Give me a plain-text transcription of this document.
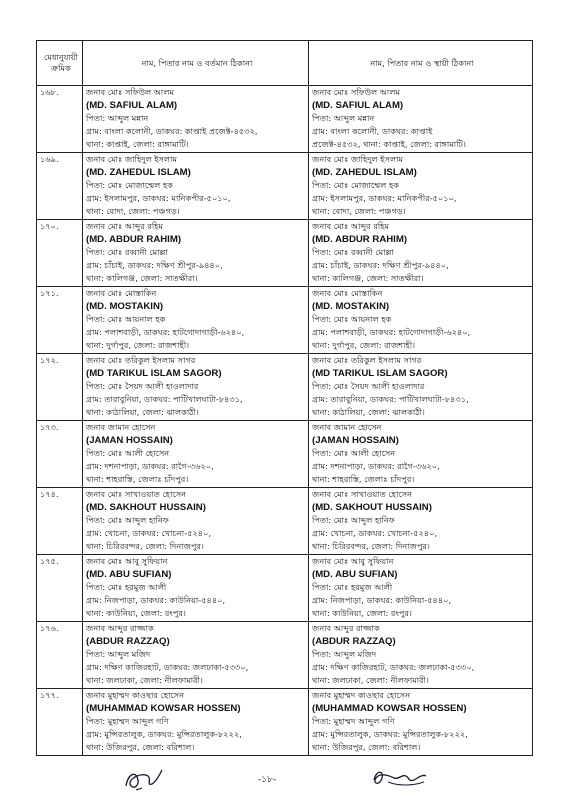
মেধানুযায়ী ক্রমিক	নাম, পিতার নাম ও বর্তমান ঠিকানা	নাম, পিতার নাম ও স্থায়ী ঠিকানা
১৬৮.	জনাব মোঃ সফিউল আলম
(MD. SAFIUL ALAM)
পিতা: আব্দুল মন্নান
গ্রাম: বাংলা কলোনী, ডাকঘর: কাপ্তাই প্রজেক্ট-৪৫৩২,
থানা: কাপ্তাই, জেলা: রাঙ্গামাটি।	জনাব মোঃ সফিউল আলম
(MD. SAFIUL ALAM)
পিতা: আব্দুল মন্নান
গ্রাম: বাংলা কলোনী, ডাকঘর: কাপ্তাই
প্রজেক্ট-৪৫৩২, থানা: কাপ্তাই, জেলা: রাঙ্গামাটি।

১৬৯.	জনাব মোঃ জাহিদুল ইসলাম
(MD. ZAHEDUL ISLAM)
পিতা: মোঃ মোজাম্মেল হক
গ্রাম: ইসলামপুর, ডাকঘর: মানিকপীর-৫০১০,
থানা: বোদা, জেলা: পঞ্চগড়।	জনাব মোঃ জাহিদুল ইসলাম
(MD. ZAHEDUL ISLAM)
পিতা: মোঃ মোজাম্মেল হক
গ্রাম: ইসলামপুর, ডাকঘর: মানিকপীর-৫০১০,
থানা: বোদা, জেলা: পঞ্চগড়।

১৭০.	জনাব মোঃ আব্দুর রহিম
(MD. ABDUR RAHIM)
পিতা: মোঃ রব্বানী মোল্লা
গ্রাম: চাঁচাই, ডাকঘর: দক্ষিণ শ্রীপুর-৯৪৪০,
থানা: কালিগঞ্জ, জেলা: সাতক্ষীরা।	জনাব মোঃ আব্দুর রহিম
(MD. ABDUR RAHIM)
পিতা: মোঃ রব্বানী মোল্লা
গ্রাম: চাঁচাই, ডাকঘর: দক্ষিণ শ্রীপুর-৯৪৪০,
থানা: কালিগঞ্জ, জেলা: সাতক্ষীরা।

১৭১.	জনাব মোঃ মোস্তাকিন
(MD. MOSTAKIN)
পিতা: মোঃ আয়নাল হক
গ্রাম: পলাশবাড়ী, ডাকঘর: হাটগোদাগাড়ী-৬২৪০,
থানা: দুর্গাপুর, জেলা: রাজশাহী।	জনাব মোঃ মোস্তাকিন
(MD. MOSTAKIN)
পিতা: মোঃ আয়নাল হক
গ্রাম: পলাশবাড়ী, ডাকঘর: হাটগোদাগাড়ী-৬২৪০,
থানা: দুর্গাপুর, জেলা: রাজশাহী।

১৭২.	জনাব মোঃ তরিকুল ইসলাম সাগর
(MD TARIKUL ISLAM SAGOR)
পিতা: মোঃ সৈয়দ আলী হাওলাদার
গ্রাম: তারাবুনিয়া, ডাকঘর: পাটিখালঘাটা-৮৪৩১,
থানা: কাঠালিয়া, জেলা: ঝালকাঠী।	জনাব মোঃ তরিকুল ইসলাম সাগর
(MD TARIKUL ISLAM SAGOR)
পিতা: মোঃ সৈয়দ আলী হাওলাদার
গ্রাম: তারাবুনিয়া, ডাকঘর: পাটিখালঘাটা-৮৪৩১,
থানা: কাঠালিয়া, জেলা: ঝালকাঠী।

১৭৩.	জনাব জামান হোসেন
(JAMAN HOSSAIN)
পিতা: মোঃ আলী হোসেন
গ্রাম: দশনাপাড়া, ডাকঘর: রাগৈ-৩৬২০,
থানা: শাহরাস্তি, জেলাঃ চাঁদপুর।	জনাব জামান হোসেন
(JAMAN HOSSAIN)
পিতা: মোঃ আলী হোসেন
গ্রাম: দশনাপাড়া, ডাকঘর: রাগৈ-৩৬২০,
থানা: শাহরাস্তি, জেলাঃ চাঁদপুর।

১৭৪.	জনাব মোঃ সাখাওয়াত হোসেন
(MD. SAKHOUT HUSSAIN)
পিতা: মোঃ আব্দুল হানিফ
গ্রাম: খোচনা, ডাকঘর: খোচনা-৫২৪০,
থানা: চিরিরবন্দর, জেলা: দিনাজপুর।	জনাব মোঃ সাখাওয়াত হোসেন
(MD. SAKHOUT HUSSAIN)
পিতা: মোঃ আব্দুল হানিফ
গ্রাম: খোচনা, ডাকঘর: খোচনা-৫২৪০,
থানা: চিরিরবন্দর, জেলা: দিনাজপুর।

১৭৫.	জনাব মোঃ আবু সুফিয়ান
(MD. ABU SUFIAN)
পিতা: মোঃ হরমুজ আলী
গ্রাম: নিজপাড়া, ডাকঘর: কাউনিয়া-৫৪৪০,
থানা: কাউনিয়া, জেলা: রংপুর।	জনাব মোঃ আবু সুফিয়ান
(MD. ABU SUFIAN)
পিতা: মোঃ হরমুজ আলী
গ্রাম: নিজপাড়া, ডাকঘর: কাউনিয়া-৫৪৪০,
থানা: কাউনিয়া, জেলা: রংপুর।

১৭৬.	জনাব আব্দুর রাজ্জাক
(ABDUR RAZZAQ)
পিতা: আব্দুল মজিদ
গ্রাম: দক্ষিণ কাজিরহাট, ডাকঘর: জলঢাকা-৫৩৩০,
থানা: জলঢাকা, জেলা: নীলফামারী।	জনাব আব্দুর রাজ্জাক
(ABDUR RAZZAQ)
পিতা: আব্দুল মজিদ
গ্রাম: দক্ষিণ কাজিরহাট, ডাকঘর: জলঢাকা-৫৩৩০,
থানা: জলঢাকা, জেলা: নীলফামারী।

১৭৭.	জনাব মুহাম্মদ কাওছার হোসেন
(MUHAMMAD KOWSAR HOSSEN)
পিতা: মুহাম্মদ আব্দুল গণি
গ্রাম: মুন্সিরতালুক, ডাকঘর: মুন্সিরতালুক-৮২২২,
থানা: উজিরপুর, জেলা: বরিশাল।	জনাব মুহাম্মদ কাওছার হোসেন
(MUHAMMAD KOWSAR HOSSEN)
পিতা: মুহাম্মদ আব্দুল গণি
গ্রাম: মুন্সিরতালুক, ডাকঘর: মুন্সিরতালুক-৮২২২,
থানা: উজিরপুর, জেলা: বরিশাল।
-১৮-
